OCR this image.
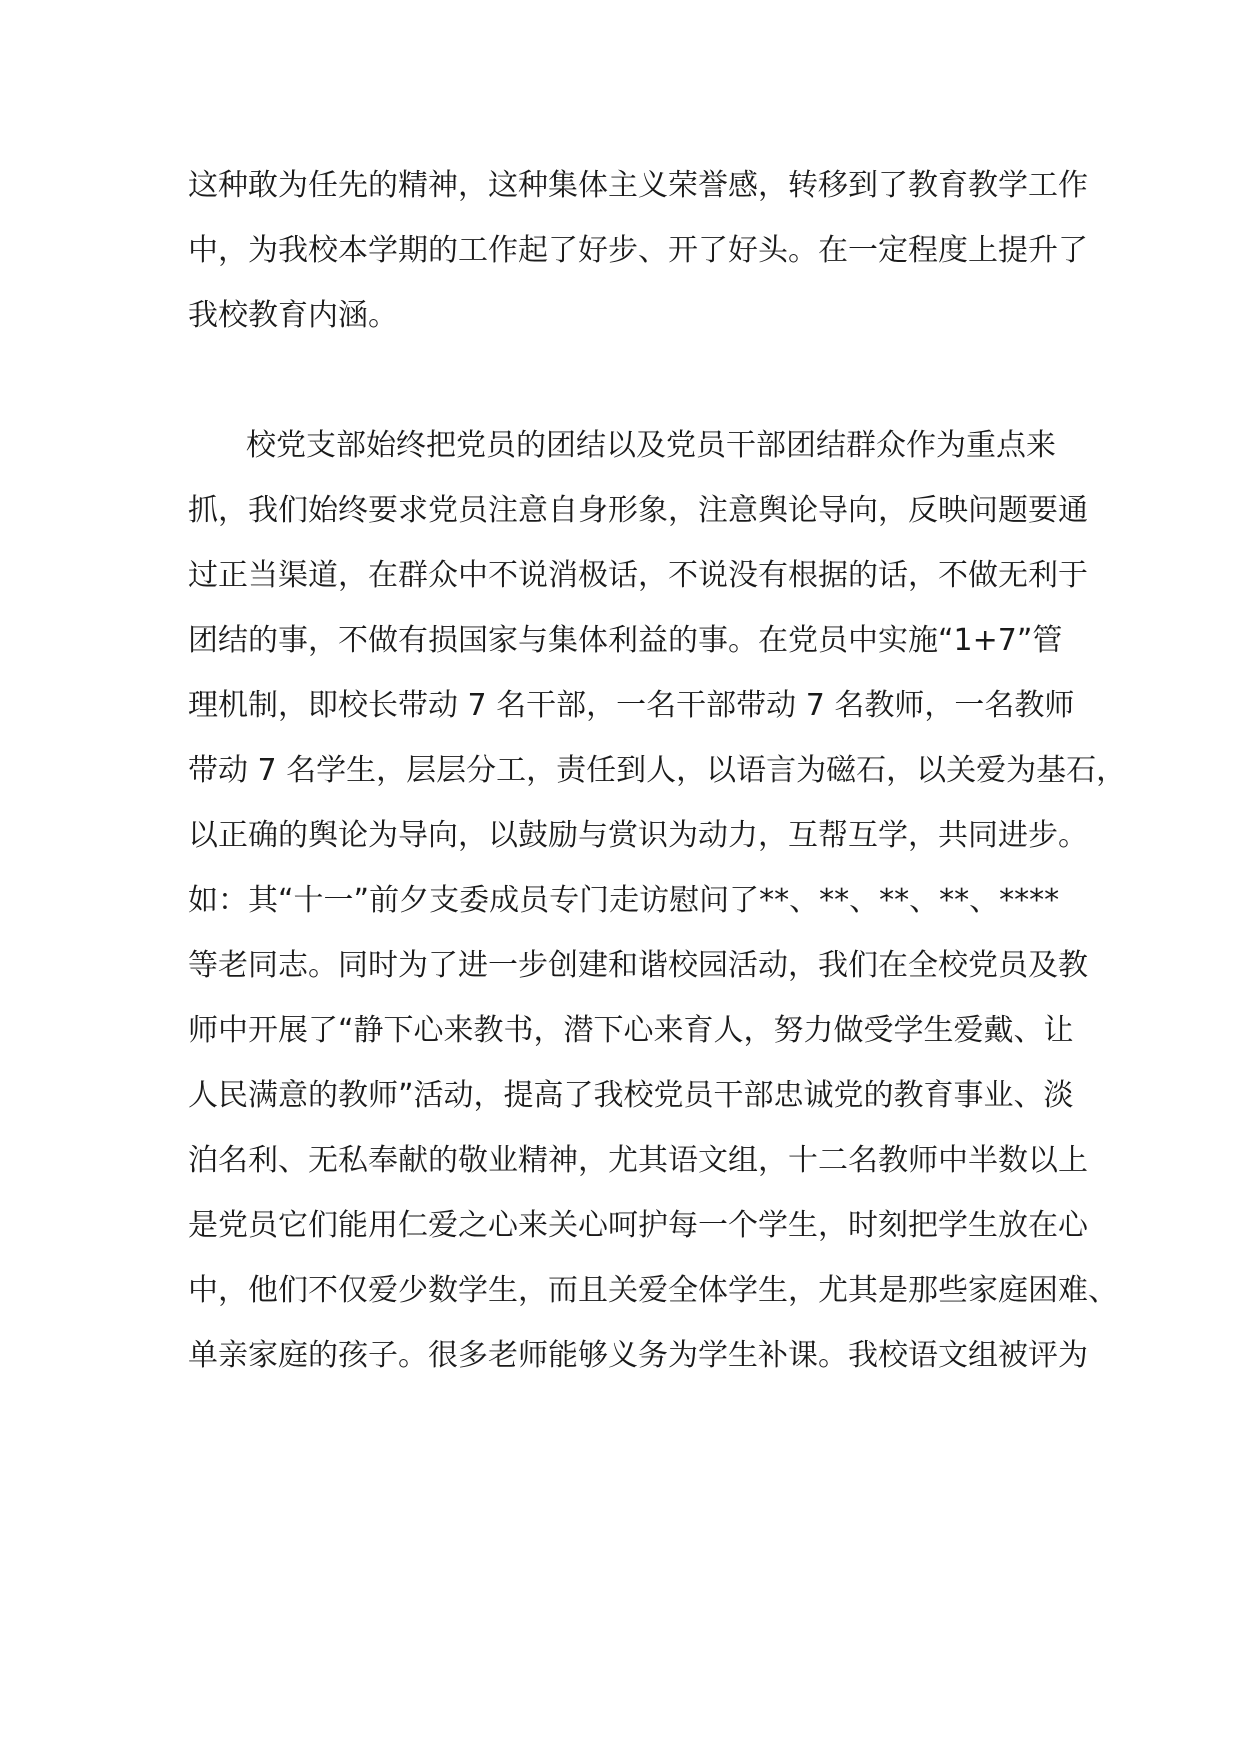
这种敢为任先的精神，这种集体主义荣誉感，转移到了教育教学工作
中，为我校本学期的工作起了好步、开了好头。在一定程度上提升了
我校教育内涵。
校党支部始终把党员的团结以及党员干部团结群众作为重点来
抓，我们始终要求党员注意自身形象，注意舆论导向，反映问题要通
过正当渠道，在群众中不说消极话，不说没有根据的话，不做无利于
团结的事，不做有损国家与集体利益的事。在党员中实施“1+7”管
理机制，即校长带动 7 名干部，一名干部带动 7 名教师，一名教师
带动 7 名学生，层层分工，责任到人，以语言为磁石，以关爱为基石，
以正确的舆论为导向，以鼓励与赏识为动力，互帮互学，共同进步。
如：其“十一”前夕支委成员专门走访慰问了**、**、**、**、****
等老同志。同时为了进一步创建和谐校园活动，我们在全校党员及教
师中开展了“静下心来教书，潜下心来育人，努力做受学生爱戴、让
人民满意的教师”活动，提高了我校党员干部忠诚党的教育事业、淡
泊名利、无私奉献的敬业精神，尤其语文组，十二名教师中半数以上
是党员它们能用仁爱之心来关心呵护每一个学生，时刻把学生放在心
中，他们不仅爱少数学生，而且关爱全体学生，尤其是那些家庭困难、
单亲家庭的孩子。很多老师能够义务为学生补课。我校语文组被评为
